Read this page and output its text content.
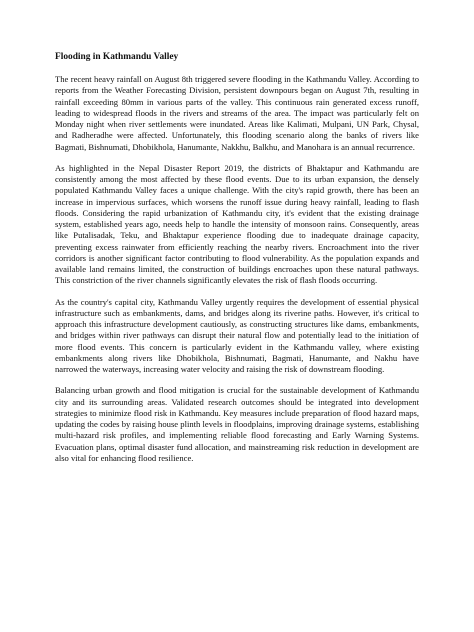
Flooding in Kathmandu Valley

The recent heavy rainfall on August 8th triggered severe flooding in the Kathmandu Valley. According to reports from the Weather Forecasting Division, persistent downpours began on August 7th, resulting in rainfall exceeding 80mm in various parts of the valley. This continuous rain generated excess runoff, leading to widespread floods in the rivers and streams of the area. The impact was particularly felt on Monday night when river settlements were inundated. Areas like Kalimati, Mulpani, UN Park, Chysal, and Radheradhe were affected. Unfortunately, this flooding scenario along the banks of rivers like Bagmati, Bishnumati, Dhobikhola, Hanumante, Nakkhu, Balkhu, and Manohara is an annual recurrence.

As highlighted in the Nepal Disaster Report 2019, the districts of Bhaktapur and Kathmandu are consistently among the most affected by these flood events. Due to its urban expansion, the densely populated Kathmandu Valley faces a unique challenge. With the city's rapid growth, there has been an increase in impervious surfaces, which worsens the runoff issue during heavy rainfall, leading to flash floods. Considering the rapid urbanization of Kathmandu city, it's evident that the existing drainage system, established years ago, needs help to handle the intensity of monsoon rains. Consequently, areas like Putalisadak, Teku, and Bhaktapur experience flooding due to inadequate drainage capacity, preventing excess rainwater from efficiently reaching the nearby rivers. Encroachment into the river corridors is another significant factor contributing to flood vulnerability. As the population expands and available land remains limited, the construction of buildings encroaches upon these natural pathways. This constriction of the river channels significantly elevates the risk of flash floods occurring.

As the country's capital city, Kathmandu Valley urgently requires the development of essential physical infrastructure such as embankments, dams, and bridges along its riverine paths. However, it's critical to approach this infrastructure development cautiously, as constructing structures like dams, embankments, and bridges within river pathways can disrupt their natural flow and potentially lead to the initiation of more flood events. This concern is particularly evident in the Kathmandu valley, where existing embankments along rivers like Dhobikhola, Bishnumati, Bagmati, Hanumante, and Nakhu have narrowed the waterways, increasing water velocity and raising the risk of downstream flooding.

Balancing urban growth and flood mitigation is crucial for the sustainable development of Kathmandu city and its surrounding areas. Validated research outcomes should be integrated into development strategies to minimize flood risk in Kathmandu. Key measures include preparation of flood hazard maps, updating the codes by raising house plinth levels in floodplains, improving drainage systems, establishing multi-hazard risk profiles, and implementing reliable flood forecasting and Early Warning Systems. Evacuation plans, optimal disaster fund allocation, and mainstreaming risk reduction in development are also vital for enhancing flood resilience.
